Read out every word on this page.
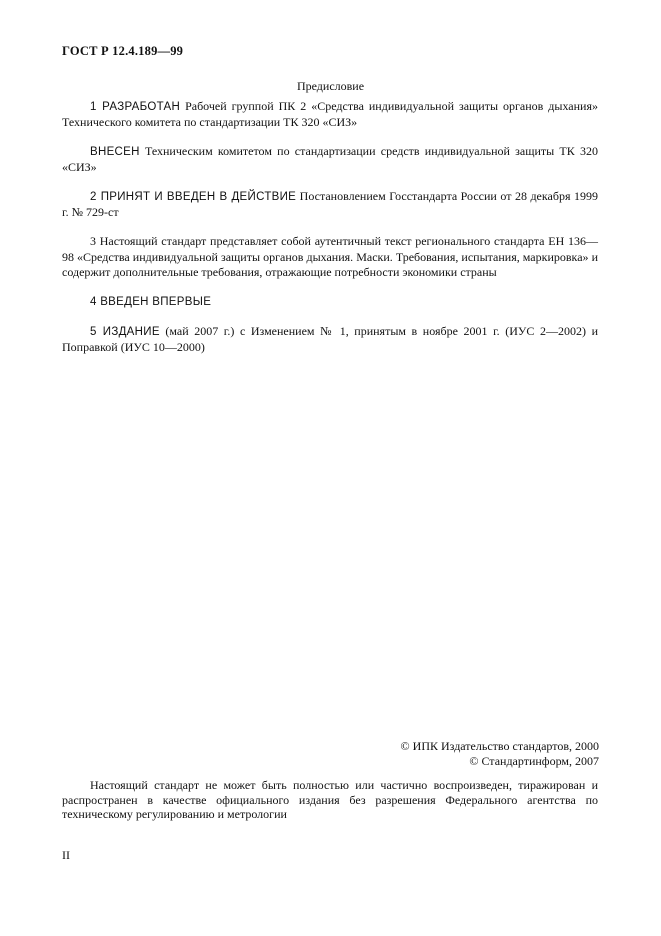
ГОСТ Р 12.4.189—99
Предисловие

1 РАЗРАБОТАН Рабочей группой ПК 2 «Средства индивидуальной защиты органов дыхания» Технического комитета по стандартизации ТК 320 «СИЗ»

ВНЕСЕН Техническим комитетом по стандартизации средств индивидуальной защиты ТК 320 «СИЗ»

2 ПРИНЯТ И ВВЕДЕН В ДЕЙСТВИЕ Постановлением Госстандарта России от 28 декабря 1999 г. № 729-ст

3 Настоящий стандарт представляет собой аутентичный текст регионального стандарта ЕН 136—98 «Средства индивидуальной защиты органов дыхания. Маски. Требования, испытания, маркировка» и содержит дополнительные требования, отражающие потребности экономики страны

4 ВВЕДЕН ВПЕРВЫЕ

5 ИЗДАНИЕ (май 2007 г.) с Изменением № 1, принятым в ноябре 2001 г. (ИУС 2—2002) и Поправкой (ИУС 10—2000)

© ИПК Издательство стандартов, 2000
© Стандартинформ, 2007
Настоящий стандарт не может быть полностью или частично воспроизведен, тиражирован и распространен в качестве официального издания без разрешения Федерального агентства по техническому регулированию и метрологии
II
